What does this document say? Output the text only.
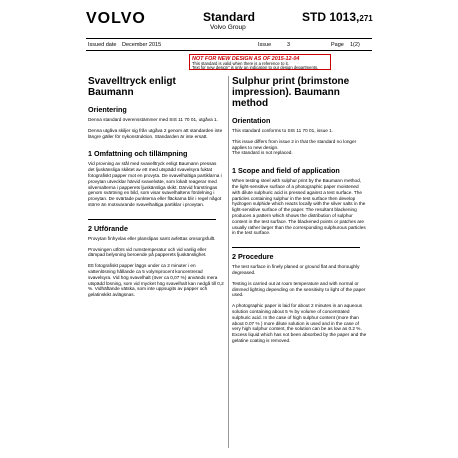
VOLVO	Standard
Volvo Group
STD 1013,271
Issued date December 2015	Issue	3	Page 1(2)
NOT FOR NEW DESIGN AS OF 2015-12-04
This standard is valid when there is a reference to it.
Text for new design" is only an indication to our design departments.
Svavelltryck enligt Baumann
Orientering
Denna standard överensstämmer med SIS 11 70 01, utgåva 1.
Denna utgåva skiljer sig från utgåva 2 genom att standarden inte längre gäller för nykonstruktion. Standarden är inte ersatt.
1 Omfattning och tillämpning
Vid provning av stål med svavelltryck enligt Baumann pressas det ljuskänsliga skiktet av ett med utspädd svavelsyra fuktat fotografiskt papper mot en provyta. De svavelhaltiga partiklarna i provytan utvecklar härvid svavelväte, som lokalt reagerar med silversalterna i papperets ljuskänsliga skikt. Därvid framtringas genom svärtning en bild, som visar svavelhaltens fördelning i provytan. De svärtade punkterna eller fläckarna blir i regel något större än motsvarande svavelhaltiga partiklar i provytan.
2 Utförande
Provytan finhyvlas eller planslipas samt avfettas omsorgsfullt.
Provningen utförs vid rumstemperatur och vid vanlig eller dämpad belysning beroende på papperets ljuskänslighet.
Ett fotografiskt papper läggs under ca 2 minuter i en vattenlösning hållande ca 5 volymprocent koncentrerad svavelsyra. Vid hög svavelhalt (över ca 0,07 %) används mera utspädd lösning, som vid mycket hög svavelhalt kan nedgå till 0,2 %. Vidhäftande vätska, som inte uppsugits av papper och gelatinskikt avlägsnas.
Sulphur print (brimstone impression). Baumann method
Orientation
This standard conforms to SIS 11 70 01, issue 1.
This issue differs from issue 2 in that the standard no longer applies to new design.
The standard is not replaced.
1 Scope and field of application
When testing steel with sulphur print by the Baumann method, the light-sensitive surface of a photographic paper moistened with dilute sulphuric acid is pressed against a test surface. The particles containing sulphur in the test surface then develop hydrogen sulphide which reacts locally with the silver salts in the light-sensitive surface of the paper. The resultant blackening produces a pattern which shows the distribution of sulphur content in the test surface. The blackened points or patches are usually rather larger than the corresponding sulphurous particles in the test surface.
2 Procedure
The test surface in finely planed or ground flat and thoroughly degreased.
Testing is carried out at room temperature and with normal or dimmed lighting depending on the sensitivity to light of the paper used.
A photographic paper is laid for about 2 minutes in an aqueous solution containing about 5 % by volume of concentrated sulphuric acid. In the case of high sulphur content (more than about 0.07 % ) more dilute solution is used and in the case of very high sulphur content, the solution can be as low as 0.2 %. Excess liquid which has not been absorbed by the paper and the gelatine coating is removed.
